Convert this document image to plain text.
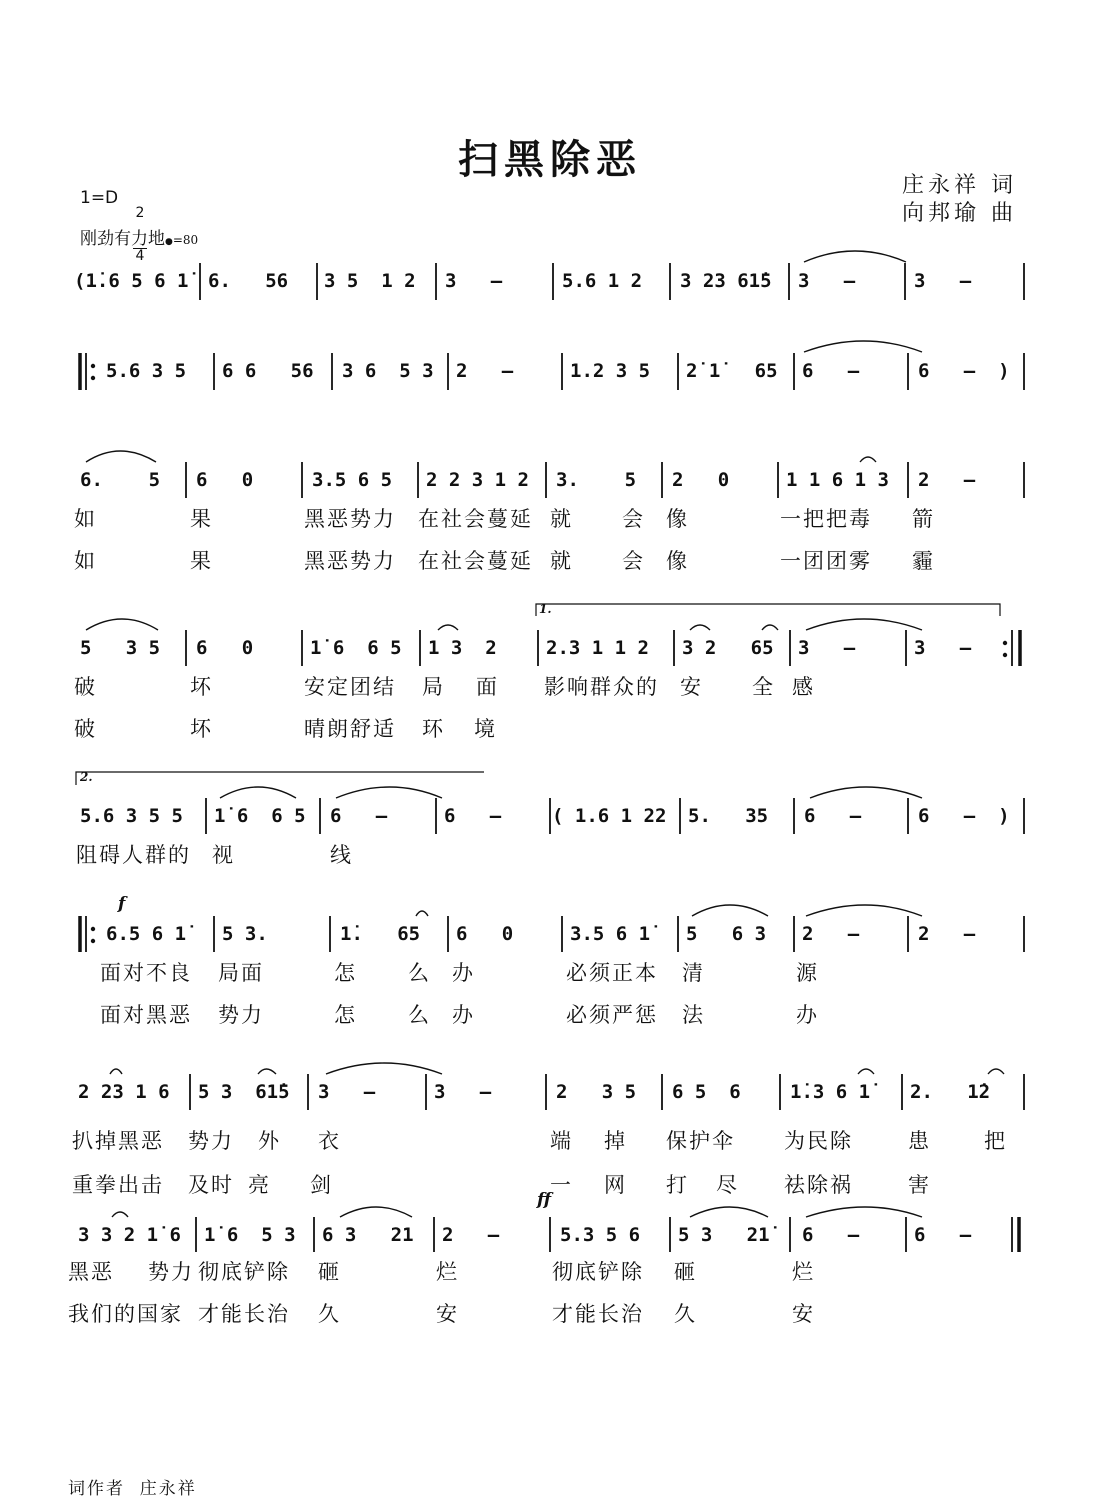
扫黑除恶
庄永祥 词
向邦瑜 曲
1=D

2

4

刚劲有力地●=80
(1̇.6 5 6 1̇ 6.   56 3 5  1 2 3   –	5.6 1 2 3 23 61̇5 3   –	3   –
5.6 3 5 6 6   56 3 6  5 3 2   –	1.2 3 5 2̇ 1̇   65 6   –	6   –  )
6.    5 6   0	3.5 6 5 2 2 3 1 2 3.    5 2   0	1 1 6 1 3 2   –
如	果	黑恶势力 在社会蔓延 就 会 像	一把把毒 箭
如	果	黑恶势力 在社会蔓延 就 会 像	一团团雾 霾
1.
5   3 5 6   0	1̇ 6  6 5 1 3  2	2.3 1 1 2 3 2   65 3   –	3   –
破	坏	安定团结 局 面 影响群众的 安 全 感
破	坏	晴朗舒适 环 境
2.
5.6 3 5 5 1̇ 6  6 5 6   –	6   –	( 1.6 1 22 5.   35 6   –	6   –  )
阻碍人群的 视	线
f
6.5 6 1̇ 5 3.	1̇.   65 6   0	3.5 6 1̇ 5   6 3 2   –	2   –
面对不良 局面	怎 么 办	必须正本 清	源
面对黑恶 势力	怎 么 办	必须严惩 法	办
2 23 1 6 5 3  61̇5 3   –	3   –	2   3 5 6 5  6	1̇.3 6 1̇ 2.   1̇2
扒掉黑恶 势力 外 衣	端 掉 保护伞 为民除	患	把
重拳出击 及时 亮 剑	一 网 打 尽 祛除祸	害
ff
3 3 2 1̇ 6 1̇ 6  5 3 6 3   21 2   –	5.3 5 6 5 3   21̇ 6   –	6   –
黑恶 势力 彻底铲除 砸	烂	彻底铲除 砸	烂
我们的国家 才能长治 久	安	才能长治 久	安
词作者  庄永祥
